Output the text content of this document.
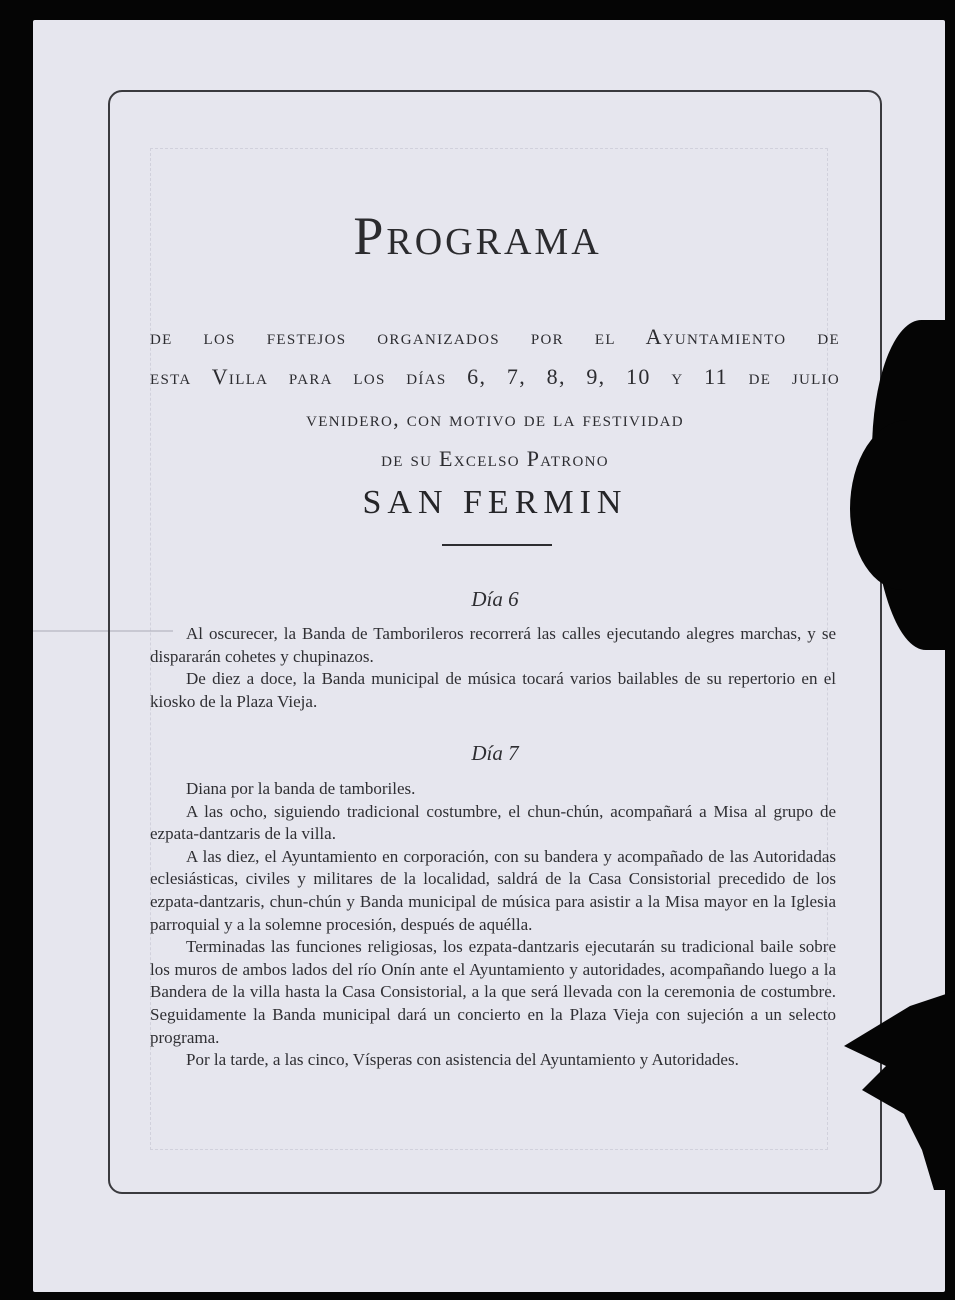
Programa
de los festejos organizados por el Ayuntamiento de
esta Villa para los días 6, 7, 8, 9, 10 y 11 de julio
venidero, con motivo de la festividad
de su Excelso Patrono
SAN FERMIN
Día 6

Al oscurecer, la Banda de Tamborileros recorrerá las calles ejecutando alegres marchas, y se dispararán cohetes y chupinazos.

De diez a doce, la Banda municipal de música tocará varios bailables de su repertorio en el kiosko de la Plaza Vieja.

Día 7

Diana por la banda de tamboriles.

A las ocho, siguiendo tradicional costumbre, el chun-chún, acompañará a Misa al grupo de ezpata-dantzaris de la villa.

A las diez, el Ayuntamiento en corporación, con su bandera y acompañado de las Autoridadas eclesiásticas, civiles y militares de la localidad, saldrá de la Casa Consistorial precedido de los ezpata-dantzaris, chun-chún y Banda municipal de música para asistir a la Misa mayor en la Iglesia parroquial y a la solemne procesión, después de aquélla.

Terminadas las funciones religiosas, los ezpata-dantzaris ejecutarán su tradicional baile sobre los muros de ambos lados del río Onín ante el Ayuntamiento y autoridades, acompañando luego a la Bandera de la villa hasta la Casa Consistorial, a la que será llevada con la ceremonia de costumbre. Seguidamente la Banda municipal dará un concierto en la Plaza Vieja con sujeción a un selecto programa.

Por la tarde, a las cinco, Vísperas con asistencia del Ayuntamiento y Autoridades.
